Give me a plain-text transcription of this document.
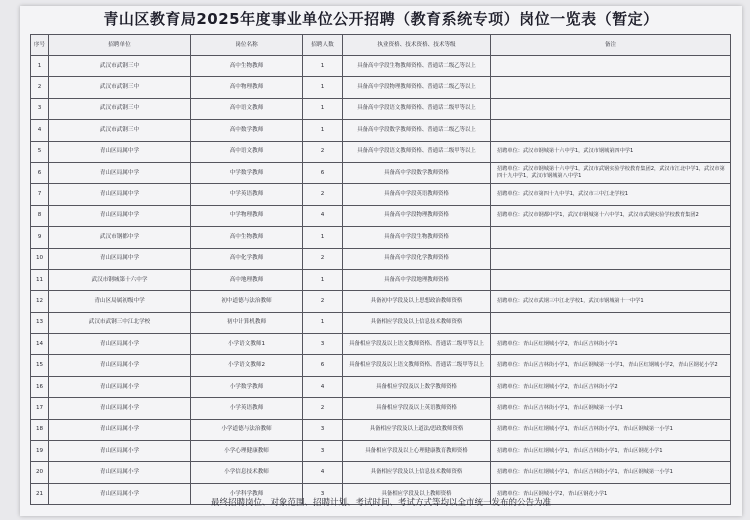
青山区教育局2025年度事业单位公开招聘（教育系统专项）岗位一览表（暂定）
序号	招聘单位	岗位名称	招聘人数	执业资格、技术资格、技术等级	备注
1	武汉市武钢三中	高中生物教师	1	具备高中学段生物教师资格、普通话二级乙等以上	
2	武汉市武钢三中	高中物理教师	1	具备高中学段物理教师资格、普通话二级乙等以上	
3	武汉市武钢三中	高中语文教师	1	具备高中学段语文教师资格、普通话二级甲等以上	
4	武汉市武钢三中	高中数学教师	1	具备高中学段数学教师资格、普通话二级乙等以上	
5	青山区局属中学	高中语文教师	2	具备高中学段语文教师资格、普通话二级甲等以上	招聘单位：武汉市钢城第十六中学1，武汉市钢城第四中学1
6	青山区局属中学	中学数学教师	6	具备高中学段数学教师资格	招聘单位：武汉市钢城第十六中学1，武汉市武钢实验学校教育集团2，武汉市江北中学1，武汉市第四十九中学1，武汉市钢城第八中学1
7	青山区局属中学	中学英语教师	2	具备高中学段英语教师资格	招聘单位：武汉市第四十九中学1，武汉市三中江北学校1
8	青山区局属中学	中学物理教师	4	具备高中学段物理教师资格	招聘单位：武汉市钢都中学1，武汉市钢城第十六中学1，武汉市武钢实验学校教育集团2
9	武汉市钢都中学	高中生物教师	1	具备高中学段生物教师资格	
10	青山区局属中学	高中化学教师	2	具备高中学段化学教师资格	
11	武汉市钢城第十六中学	高中地理教师	1	具备高中学段地理教师资格	
12	青山区局属初级中学	初中道德与法治教师	2	具备初中学段及以上思想政治教师资格	招聘单位：武汉市武钢三中江北学校1，武汉市钢城第十一中学1
13	武汉市武钢三中江北学校	初中计算机教师	1	具备相应学段及以上信息技术教师资格	
14	青山区局属小学	小学语文教师1	3	具备相应学段及以上语文教师资格、普通话二级甲等以上	招聘单位：青山区红钢城小学2，青山区吉林街小学1
15	青山区局属小学	小学语文教师2	6	具备相应学段及以上语文教师资格、普通话二级甲等以上	招聘单位：青山区吉林街小学1，青山区钢城第一小学1，青山区红钢城小学2，青山区钢花小学2
16	青山区局属小学	小学数学教师	4	具备相应学段及以上数学教师资格	招聘单位：青山区红钢城小学2，青山区吉林街小学2
17	青山区局属小学	小学英语教师	2	具备相应学段及以上英语教师资格	招聘单位：青山区吉林街小学1，青山区钢城第一小学1
18	青山区局属小学	小学道德与法治教师	3	具备相应学段及以上道法/思政教师资格	招聘单位：青山区红钢城小学1，青山区吉林街小学1，青山区钢城第一小学1
19	青山区局属小学	小学心理健康教师	3	具备相应学段及以上心理健康教育教师资格	招聘单位：青山区红钢城小学1，青山区吉林街小学1，青山区钢花小学1
20	青山区局属小学	小学信息技术教师	4	具备相应学段及以上信息技术教师资格	招聘单位：青山区红钢城小学1，青山区吉林街小学1，青山区钢城第一小学1
21	青山区局属小学	小学科学教师	3	具备相应学段及以上教师资格	招聘单位：青山区钢城小学2，青山区钢花小学1
最终招聘岗位、对象范围、招聘计划、考试时间、考试方式等均以全市统一发布的公告为准
